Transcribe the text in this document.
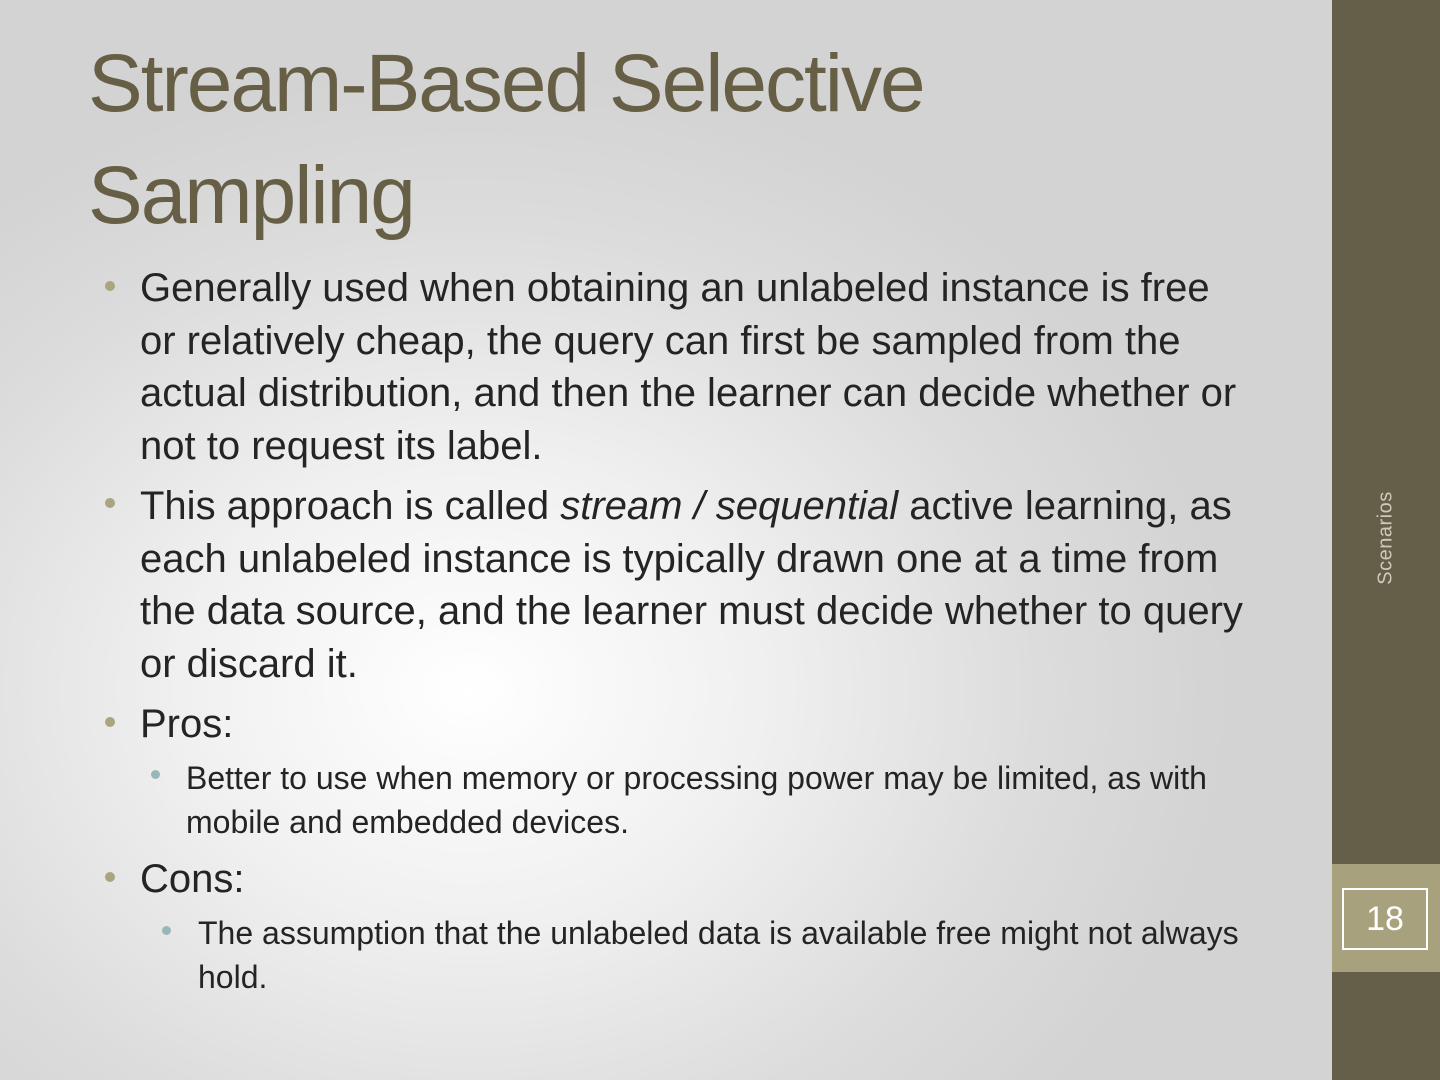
Scenarios
18
Stream-Based Selective
Sampling
Generally used when obtaining an unlabeled instance is free or relatively cheap, the query can first be sampled from the actual distribution, and then the learner can decide whether or not to request its label.
This approach is called stream / sequential active learning, as each unlabeled instance is typically drawn one at a time from the data source, and the learner must decide whether to query or discard it.
Pros:
Better to use when memory or processing power may be limited, as with mobile and embedded devices.
Cons:
The assumption that the unlabeled data is available free might not always hold.
